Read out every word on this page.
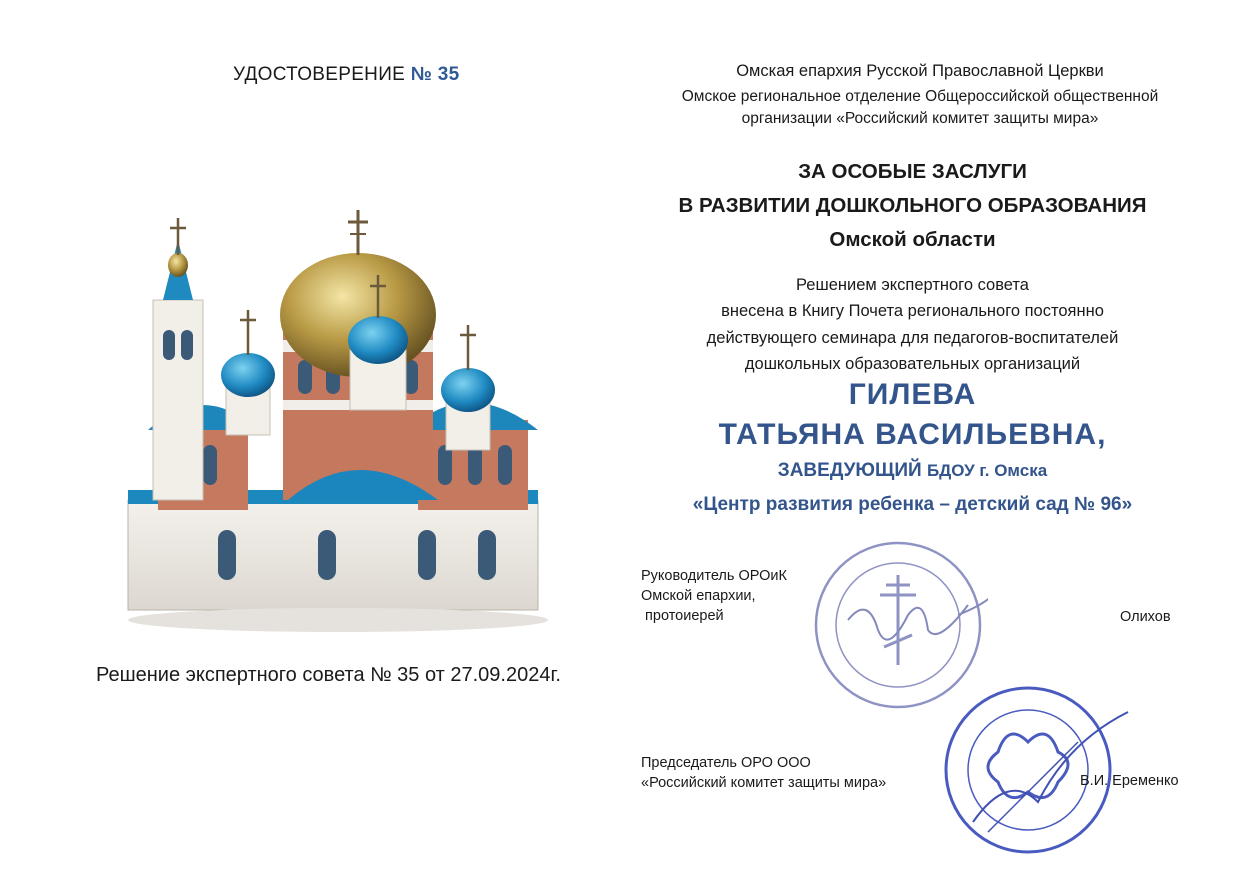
УДОСТОВЕРЕНИЕ № 35
Решение экспертного совета № 35 от 27.09.2024г.
Омская епархия Русской Православной Церкви
Омское региональное отделение Общероссийской общественной
организации «Российский комитет защиты мира»
ЗА ОСОБЫЕ ЗАСЛУГИ
В РАЗВИТИИ ДОШКОЛЬНОГО ОБРАЗОВАНИЯ
Омской области
Решением экспертного совета
внесена в Книгу Почета регионального постоянно
действующего семинара для педагогов-воспитателей
дошкольных образовательных организаций
ГИЛЕВА
ТАТЬЯНА ВАСИЛЬЕВНА,
ЗАВЕДУЮЩИЙ БДОУ г. Омска
«Центр развития ребенка – детский сад № 96»
Руководитель ОРОиК
Омской епархии,
протоиерей	Олихов
Председатель ОРО ООО
«Российский комитет защиты мира»	В.И. Еременко
